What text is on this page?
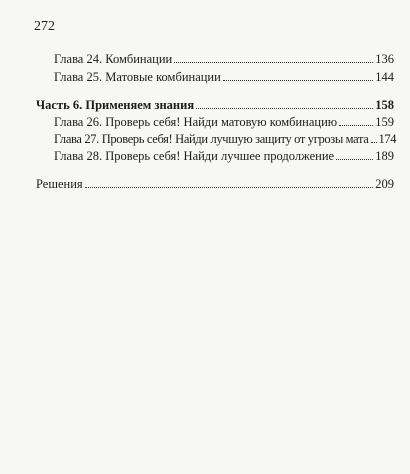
272
Глава 24. Комбинации	136
Глава 25. Матовые комбинации	144
Часть 6. Применяем знания	158
Глава 26. Проверь себя! Найди матовую комбинацию	159
Глава 27. Проверь себя! Найди лучшую защиту от угрозы мата 174
Глава 28. Проверь себя! Найди лучшее продолжение	189
Решения	209
